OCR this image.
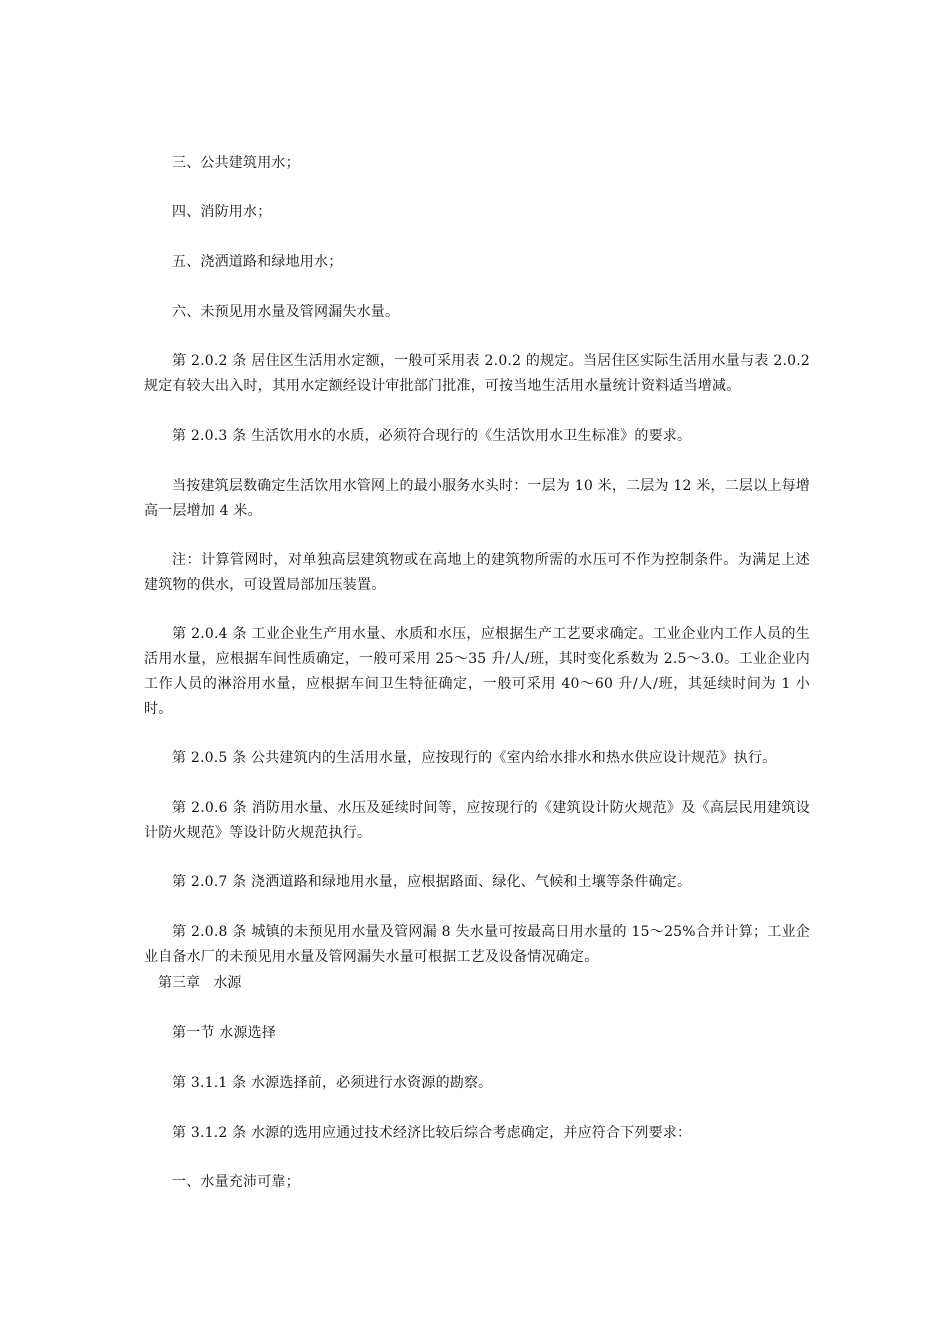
三、公共建筑用水；

四、消防用水；

五、浇洒道路和绿地用水；

六、未预见用水量及管网漏失水量。

第 2.0.2 条 居住区生活用水定额，一般可采用表 2.0.2 的规定。当居住区实际生活用水量与表 2.0.2 规定有较大出入时，其用水定额经设计审批部门批准，可按当地生活用水量统计资料适当增减。

第 2.0.3 条 生活饮用水的水质，必须符合现行的《生活饮用水卫生标准》的要求。

当按建筑层数确定生活饮用水管网上的最小服务水头时：一层为 10 米，二层为 12 米，二层以上每增高一层增加 4 米。

注：计算管网时，对单独高层建筑物或在高地上的建筑物所需的水压可不作为控制条件。为满足上述建筑物的供水，可设置局部加压装置。

第 2.0.4 条 工业企业生产用水量、水质和水压，应根据生产工艺要求确定。工业企业内工作人员的生活用水量，应根据车间性质确定，一般可采用 25～35 升/人/班，其时变化系数为 2.5～3.0。工业企业内工作人员的淋浴用水量，应根据车间卫生特征确定，一般可采用 40～60 升/人/班，其延续时间为 1 小时。

第 2.0.5 条 公共建筑内的生活用水量，应按现行的《室内给水排水和热水供应设计规范》执行。

第 2.0.6 条 消防用水量、水压及延续时间等，应按现行的《建筑设计防火规范》及《高层民用建筑设计防火规范》等设计防火规范执行。

第 2.0.7 条 浇洒道路和绿地用水量，应根据路面、绿化、气候和土壤等条件确定。

第 2.0.8 条 城镇的未预见用水量及管网漏 8 失水量可按最高日用水量的 15～25%合并计算；工业企业自备水厂的未预见用水量及管网漏失水量可根据工艺及设备情况确定。

第三章   水源

第一节 水源选择

第 3.1.1 条 水源选择前，必须进行水资源的勘察。

第 3.1.2 条 水源的选用应通过技术经济比较后综合考虑确定，并应符合下列要求：

一、水量充沛可靠；
